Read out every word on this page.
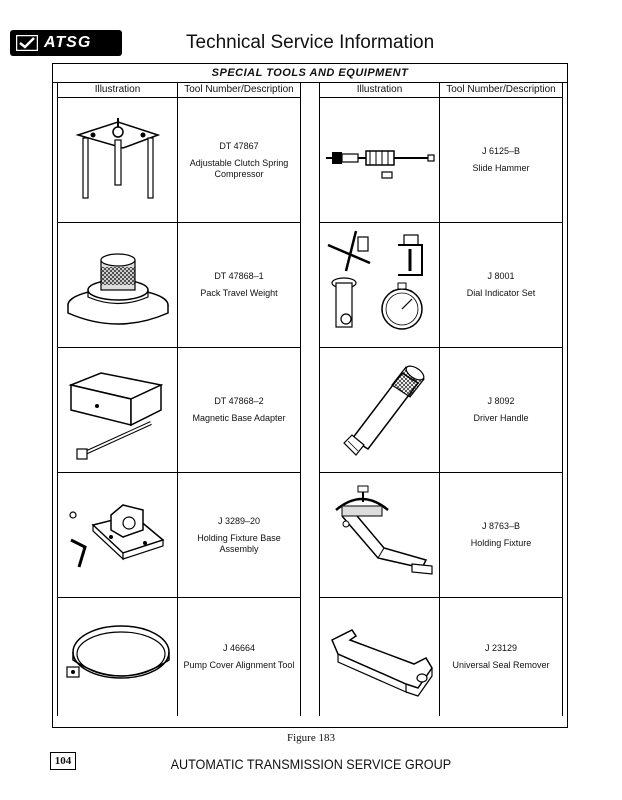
ATSG	Technical Service Information
SPECIAL TOOLS AND EQUIPMENT
Illustration	Tool Number/Description
DT 47867
Adjustable Clutch Spring Compressor
DT 47868–1
Pack Travel Weight
DT 47868–2
Magnetic Base Adapter
J 3289–20
Holding Fixture Base Assembly
J 46664
Pump Cover Alignment Tool
Illustration	Tool Number/Description
J 6125–B
Slide Hammer
J 8001
Dial Indicator Set
J 8092
Driver Handle
J 8763–B
Holding Fixture
J 23129
Universal Seal Remover
Figure 183
104	AUTOMATIC TRANSMISSION SERVICE GROUP
